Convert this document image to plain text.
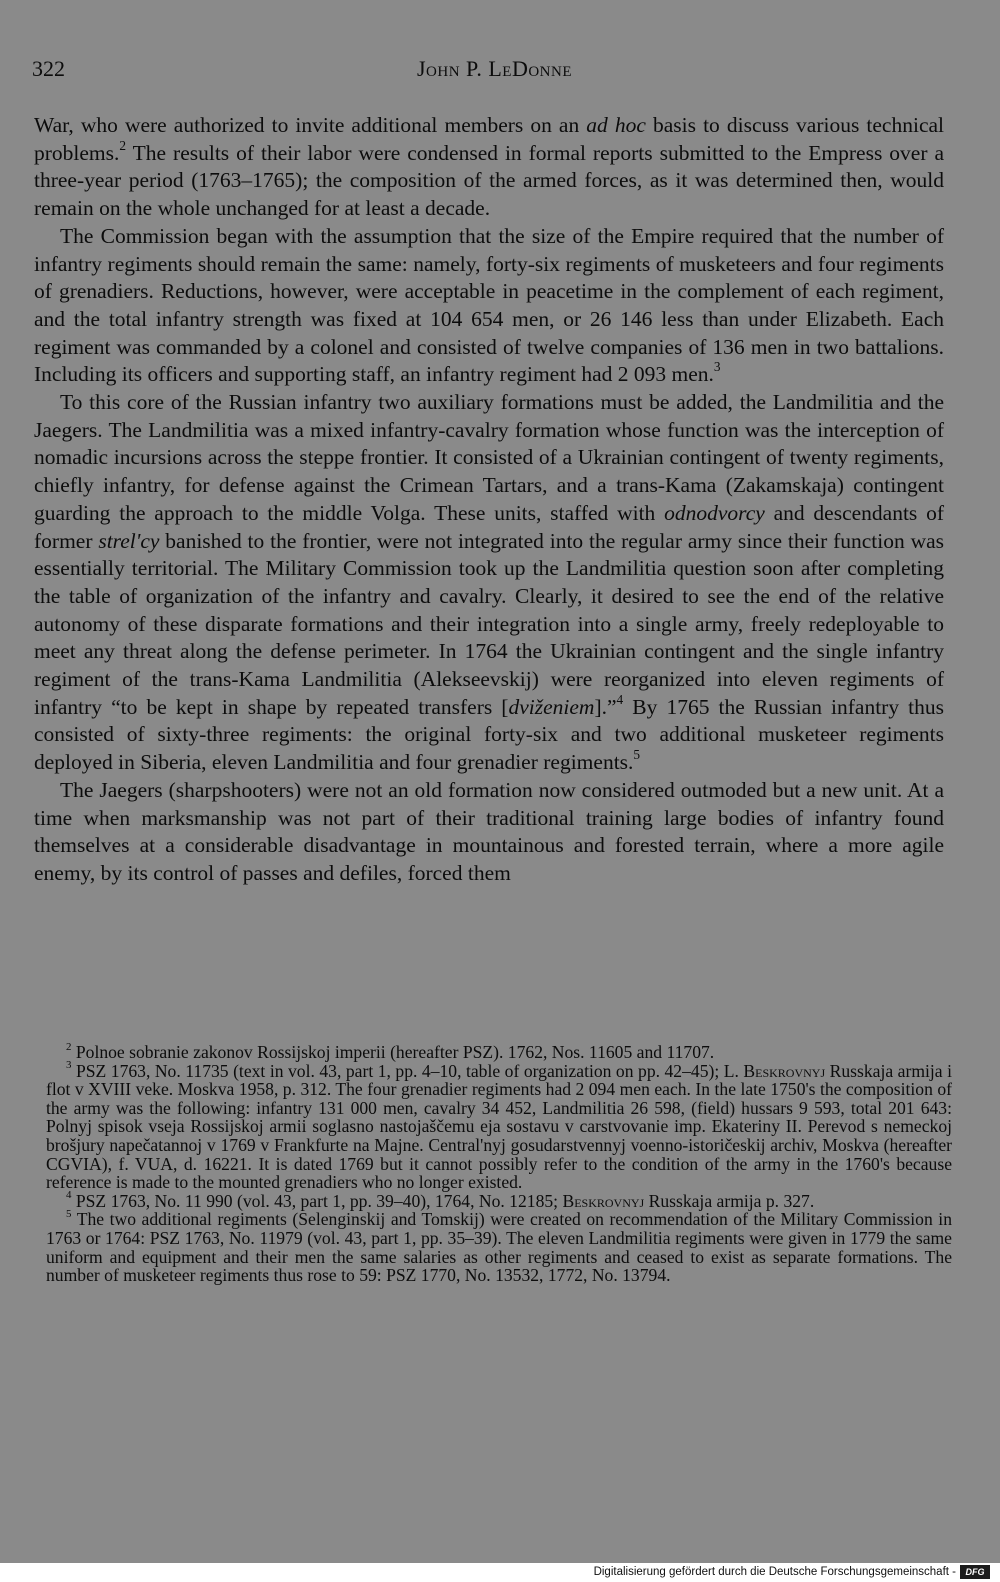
322	John P. LeDonne

War, who were authorized to invite additional members on an ad hoc basis to discuss various technical problems.$^2$ The results of their labor were condensed in formal reports submitted to the Empress over a three-year period (1763–1765); the composition of the armed forces, as it was determined then, would remain on the whole unchanged for at least a decade.

The Commission began with the assumption that the size of the Empire required that the number of infantry regiments should remain the same: namely, forty-six regiments of musketeers and four regiments of grenadiers. Reductions, however, were acceptable in peacetime in the complement of each regiment, and the total infantry strength was fixed at 104 654 men, or 26 146 less than under Elizabeth. Each regiment was commanded by a colonel and consisted of twelve companies of 136 men in two battalions. Including its officers and supporting staff, an infantry regiment had 2 093 men.$^3$

To this core of the Russian infantry two auxiliary formations must be added, the Landmilitia and the Jaegers. The Landmilitia was a mixed infantry-cavalry formation whose function was the interception of nomadic incursions across the steppe frontier. It consisted of a Ukrainian contingent of twenty regiments, chiefly infantry, for defense against the Crimean Tartars, and a trans-Kama (Zakamskaja) contingent guarding the approach to the middle Volga. These units, staffed with odnodvorcy and descendants of former strel'cy banished to the frontier, were not integrated into the regular army since their function was essentially territorial. The Military Commission took up the Landmilitia question soon after completing the table of organization of the infantry and cavalry. Clearly, it desired to see the end of the relative autonomy of these disparate formations and their integration into a single army, freely redeployable to meet any threat along the defense perimeter. In 1764 the Ukrainian contingent and the single infantry regiment of the trans-Kama Landmilitia (Alekseevskij) were reorganized into eleven regiments of infantry “to be kept in shape by repeated transfers [dviženiem].”$^4$ By 1765 the Russian infantry thus consisted of sixty-three regiments: the original forty-six and two additional musketeer regiments deployed in Siberia, eleven Landmilitia and four grenadier regiments.$^5$

The Jaegers (sharpshooters) were not an old formation now considered outmoded but a new unit. At a time when marksmanship was not part of their traditional training large bodies of infantry found themselves at a considerable disadvantage in mountainous and forested terrain, where a more agile enemy, by its control of passes and defiles, forced them

$^2$ Polnoe sobranie zakonov Rossijskoj imperii (hereafter PSZ). 1762, Nos. 11605 and 11707.

$^3$ PSZ 1763, No. 11735 (text in vol. 43, part 1, pp. 4–10, table of organization on pp. 42–45); L. Beskrovnyj Russkaja armija i flot v XVIII veke. Moskva 1958, p. 312. The four grenadier regiments had 2 094 men each. In the late 1750's the composition of the army was the following: infantry 131 000 men, cavalry 34 452, Landmilitia 26 598, (field) hussars 9 593, total 201 643: Polnyj spisok vseja Rossijskoj armii soglasno nastojaščemu eja sostavu v carstvovanie imp. Ekateriny II. Perevod s nemeckoj brošjury napečatannoj v 1769 v Frankfurte na Majne. Central'nyj gosudarstvennyj voenno-istoričeskij archiv, Moskva (hereafter CGVIA), f. VUA, d. 16221. It is dated 1769 but it cannot possibly refer to the condition of the army in the 1760's because reference is made to the mounted grenadiers who no longer existed.

$^4$ PSZ 1763, No. 11 990 (vol. 43, part 1, pp. 39–40), 1764, No. 12185; Beskrovnyj Russkaja armija p. 327.

$^5$ The two additional regiments (Selenginskij and Tomskij) were created on recommendation of the Military Commission in 1763 or 1764: PSZ 1763, No. 11979 (vol. 43, part 1, pp. 35–39). The eleven Landmilitia regiments were given in 1779 the same uniform and equipment and their men the same salaries as other regiments and ceased to exist as separate formations. The number of musketeer regiments thus rose to 59: PSZ 1770, No. 13532, 1772, No. 13794.

Digitalisierung gefördert durch die Deutsche Forschungsgemeinschaft -	DFG
